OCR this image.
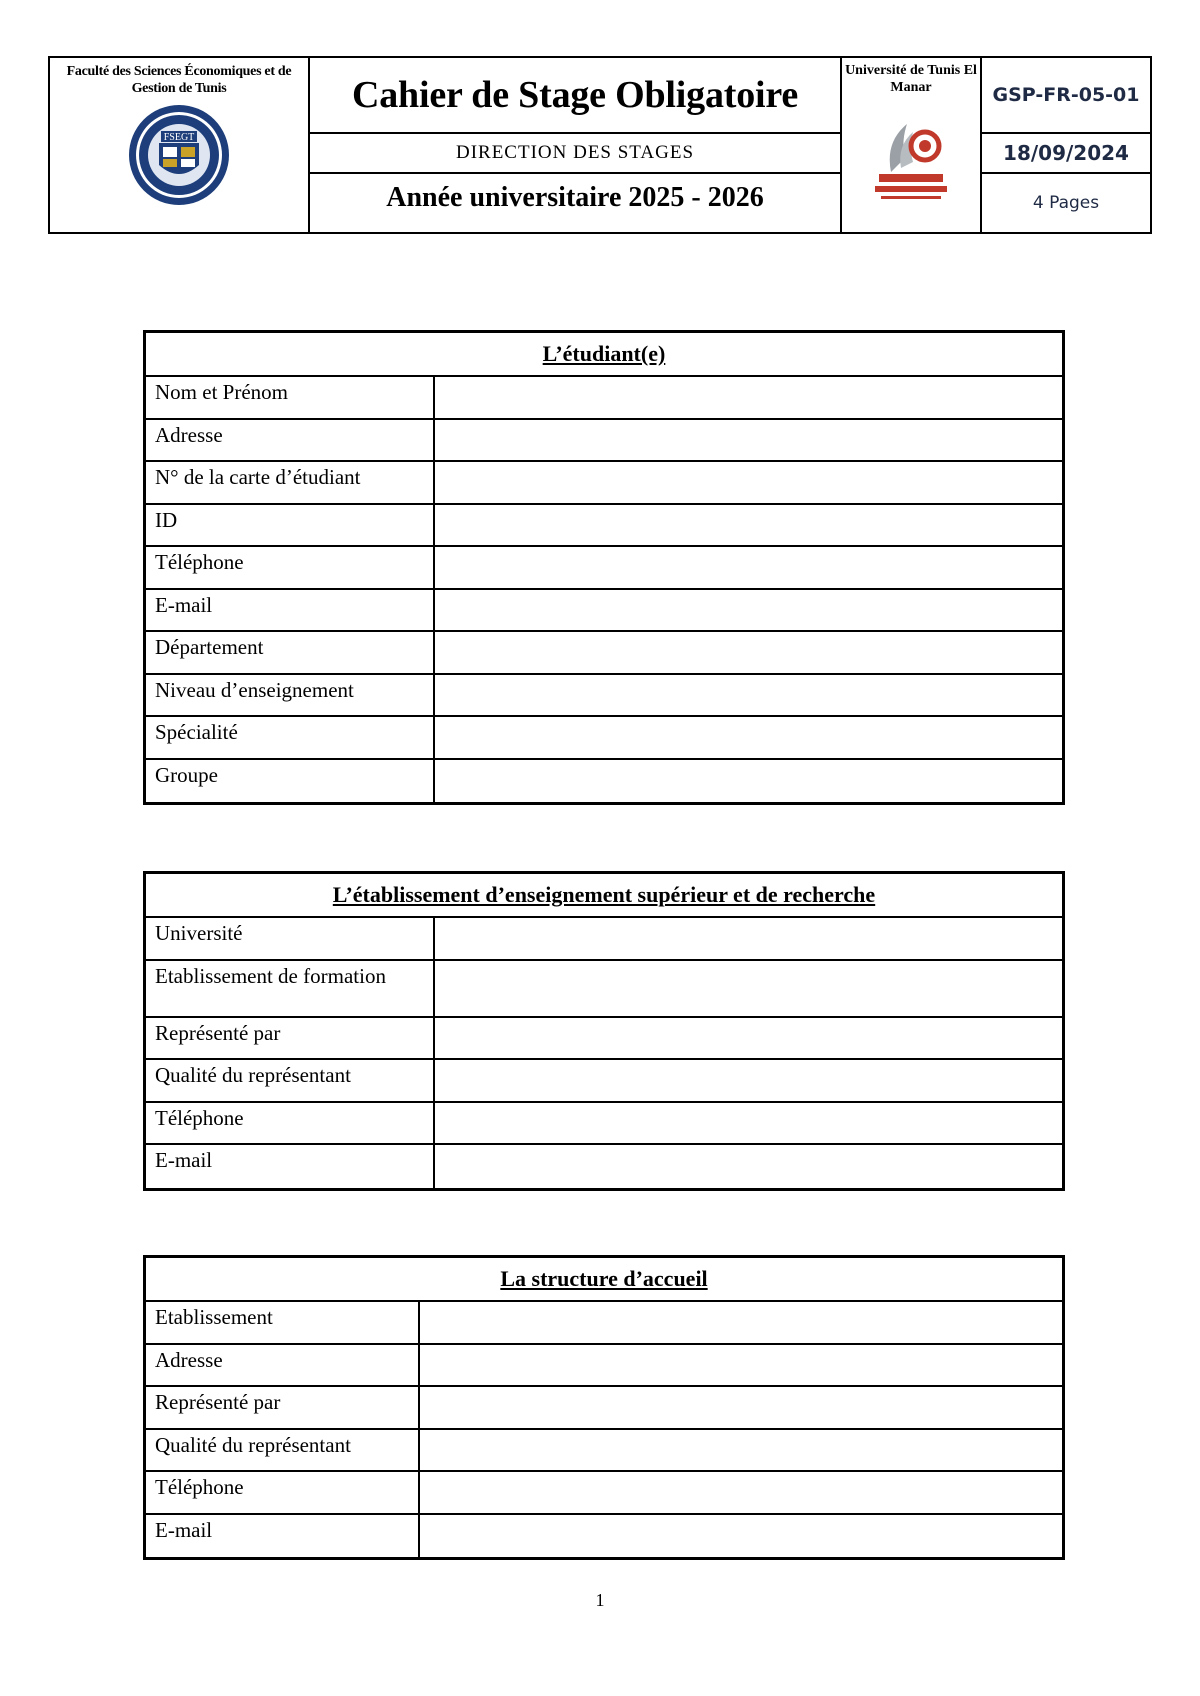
Faculté des Sciences Économiques et de Gestion de Tunis
FSEGT
Cahier de Stage Obligatoire
DIRECTION DES STAGES
Année universitaire 2025 - 2026
Université de Tunis El Manar	GSP-FR-05-01
18/09/2024
4 Pages
L’étudiant(e)
Nom et Prénom
Adresse
N° de la carte d’étudiant
ID
Téléphone
E-mail
Département
Niveau d’enseignement
Spécialité
Groupe
L’établissement d’enseignement supérieur et de recherche
Université
Etablissement de formation
Représenté par
Qualité du représentant
Téléphone
E-mail
La structure d’accueil
Etablissement
Adresse
Représenté par
Qualité du représentant
Téléphone
E-mail
1
